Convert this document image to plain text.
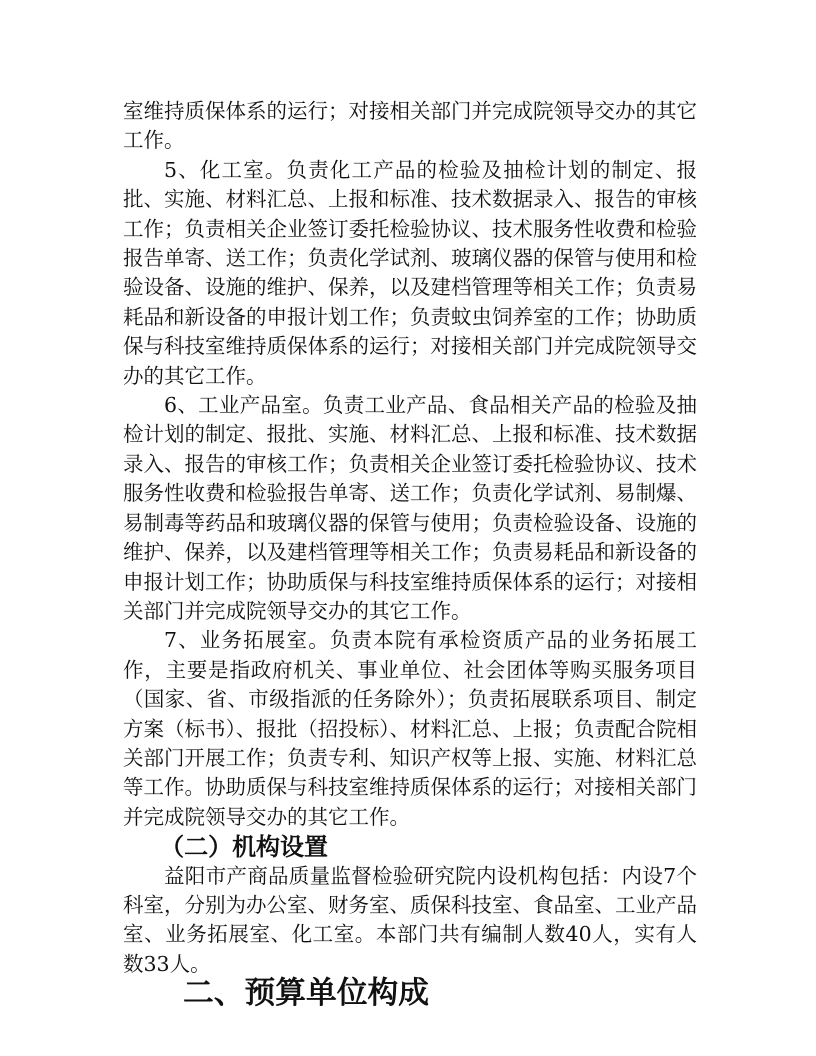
室维持质保体系的运行；对接相关部门并完成院领导交办的其它工作。

5、化工室。负责化工产品的检验及抽检计划的制定、报批、实施、材料汇总、上报和标准、技术数据录入、报告的审核工作；负责相关企业签订委托检验协议、技术服务性收费和检验报告单寄、送工作；负责化学试剂、玻璃仪器的保管与使用和检验设备、设施的维护、保养，以及建档管理等相关工作；负责易耗品和新设备的申报计划工作；负责蚊虫饲养室的工作；协助质保与科技室维持质保体系的运行；对接相关部门并完成院领导交办的其它工作。

6、工业产品室。负责工业产品、食品相关产品的检验及抽检计划的制定、报批、实施、材料汇总、上报和标准、技术数据录入、报告的审核工作；负责相关企业签订委托检验协议、技术服务性收费和检验报告单寄、送工作；负责化学试剂、易制爆、易制毒等药品和玻璃仪器的保管与使用；负责检验设备、设施的维护、保养，以及建档管理等相关工作；负责易耗品和新设备的申报计划工作；协助质保与科技室维持质保体系的运行；对接相关部门并完成院领导交办的其它工作。

7、业务拓展室。负责本院有承检资质产品的业务拓展工作，主要是指政府机关、事业单位、社会团体等购买服务项目（国家、省、市级指派的任务除外）；负责拓展联系项目、制定方案（标书）、报批（招投标）、材料汇总、上报；负责配合院相关部门开展工作；负责专利、知识产权等上报、实施、材料汇总等工作。协助质保与科技室维持质保体系的运行；对接相关部门并完成院领导交办的其它工作。

（二）机构设置

益阳市产商品质量监督检验研究院内设机构包括：内设7个科室，分别为办公室、财务室、质保科技室、食品室、工业产品室、业务拓展室、化工室。本部门共有编制人数40人，实有人数33人。

二、预算单位构成
